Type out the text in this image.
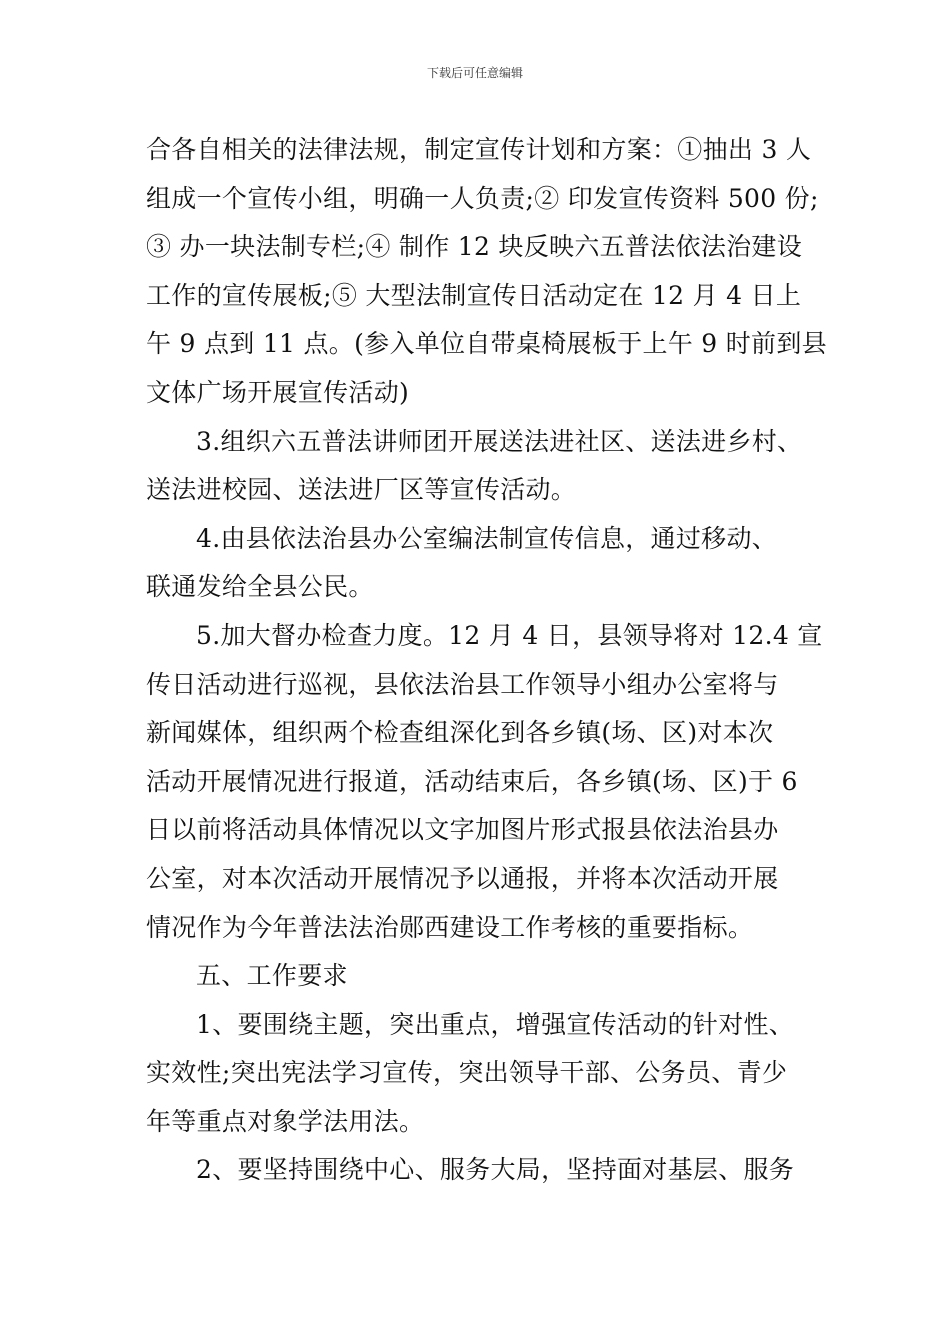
下载后可任意编辑
合各自相关的法律法规，制定宣传计划和方案：①抽出 3 人
组成一个宣传小组，明确一人负责;② 印发宣传资料 500 份;
③ 办一块法制专栏;④ 制作 12 块反映六五普法依法治建设
工作的宣传展板;⑤ 大型法制宣传日活动定在 12 月 4 日上
午 9 点到 11 点。(参入单位自带桌椅展板于上午 9 时前到县
文体广场开展宣传活动)
3.组织六五普法讲师团开展送法进社区、送法进乡村、
送法进校园、送法进厂区等宣传活动。
4.由县依法治县办公室编法制宣传信息，通过移动、
联通发给全县公民。
5.加大督办检查力度。12 月 4 日，县领导将对 12.4 宣
传日活动进行巡视，县依法治县工作领导小组办公室将与
新闻媒体，组织两个检查组深化到各乡镇(场、区)对本次
活动开展情况进行报道，活动结束后，各乡镇(场、区)于 6
日以前将活动具体情况以文字加图片形式报县依法治县办
公室，对本次活动开展情况予以通报，并将本次活动开展
情况作为今年普法法治郧西建设工作考核的重要指标。
五、工作要求
1、要围绕主题，突出重点，增强宣传活动的针对性、
实效性;突出宪法学习宣传，突出领导干部、公务员、青少
年等重点对象学法用法。
2、要坚持围绕中心、服务大局，坚持面对基层、服务
